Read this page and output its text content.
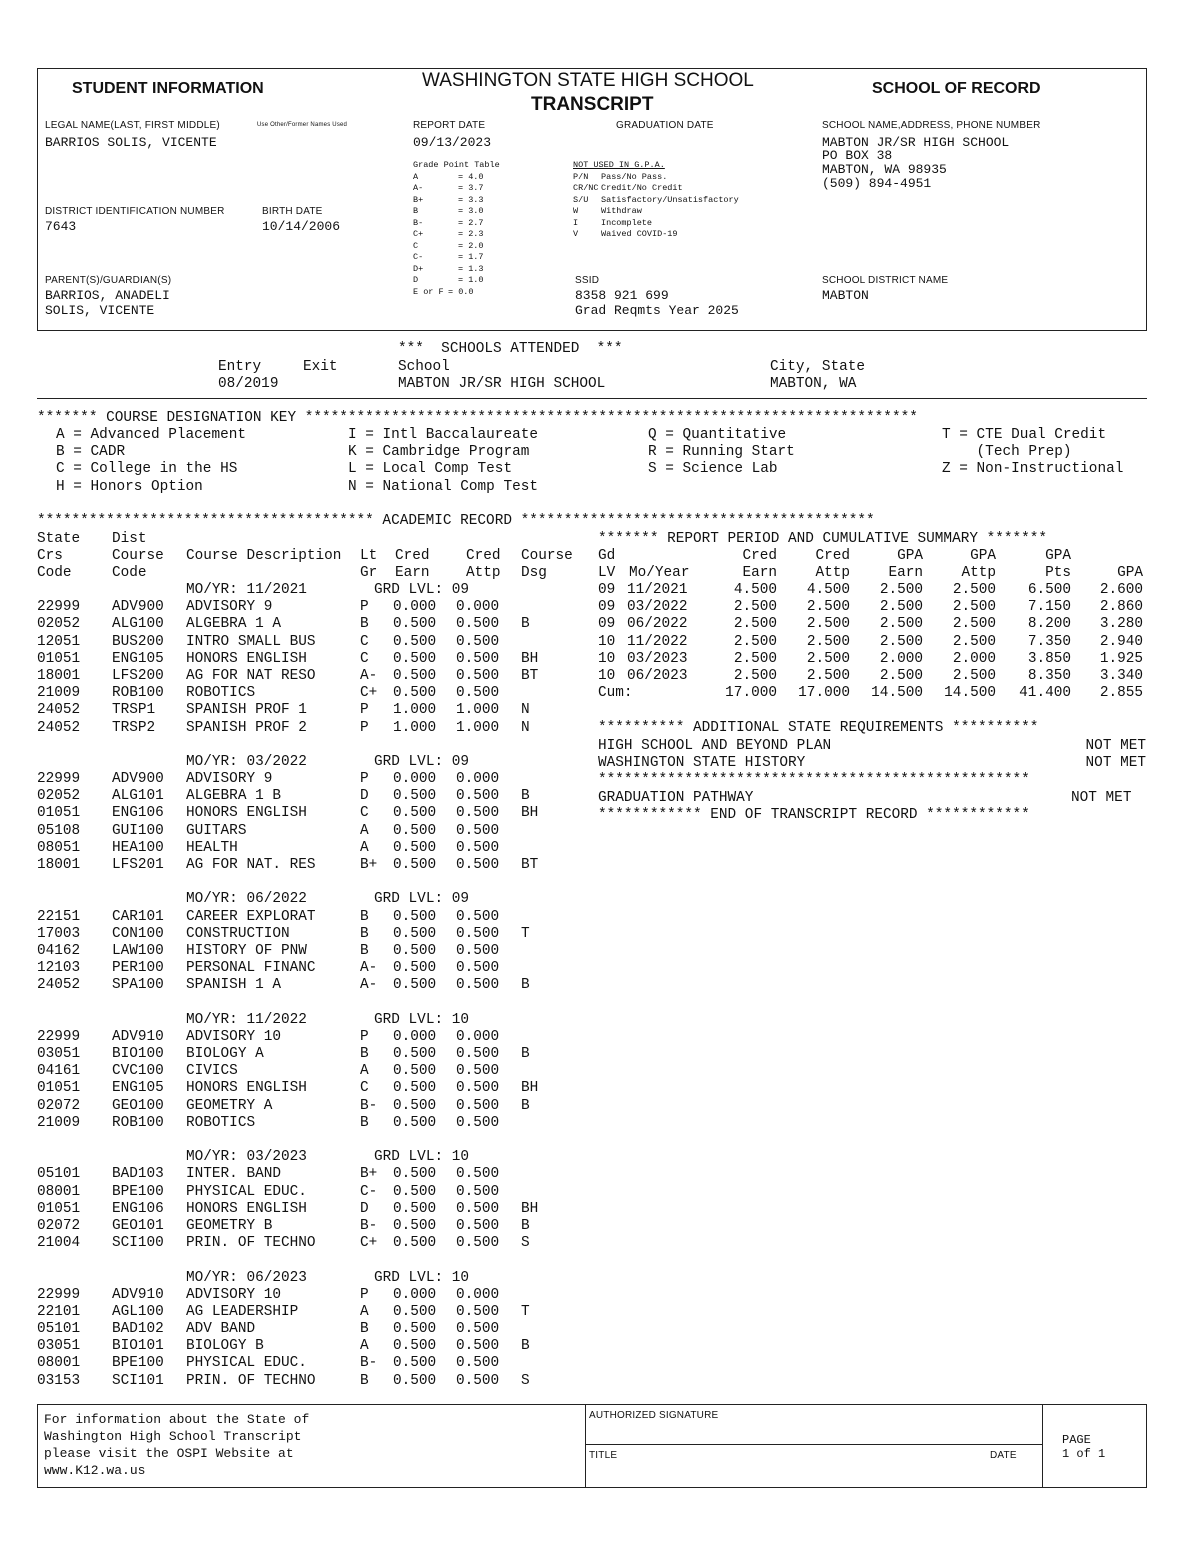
STUDENT INFORMATION	WASHINGTON STATE HIGH SCHOOL
TRANSCRIPT
SCHOOL OF RECORD
LEGAL NAME(LAST, FIRST MIDDLE)	Use Other/Former Names Used
BARRIOS SOLIS, VICENTE
REPORT DATE
09/13/2023
GRADUATION DATE	SCHOOL NAME,ADDRESS, PHONE NUMBER
MABTON JR/SR HIGH SCHOOL
PO BOX 38
MABTON, WA 98935
(509) 894-4951
Grade Point Table
A	= 4.0
A-	= 3.7
B+	= 3.3
B	= 3.0
B-	= 2.7
C+	= 2.3
C	= 2.0
C-	= 1.7
D+	= 1.3
D	= 1.0
E or F = 0.0
NOT USED IN G.P.A.
P/N Pass/No Pass.
CR/NC Credit/No Credit
S/U Satisfactory/Unsatisfactory
W	Withdraw
I	Incomplete
V	Waived COVID-19
DISTRICT IDENTIFICATION NUMBER
7643
BIRTH DATE
10/14/2006
PARENT(S)/GUARDIAN(S)
BARRIOS, ANADELI
SOLIS, VICENTE
SSID
8358 921 699
Grad Reqmts Year 2025
SCHOOL DISTRICT NAME
MABTON
***  SCHOOLS ATTENDED  ***
Entry	Exit	School	City, State
08/2019	MABTON JR/SR HIGH SCHOOL	MABTON, WA
******* COURSE DESIGNATION KEY ***********************************************************************
A = Advanced Placement	I = Intl Baccalaureate	Q = Quantitative	T = CTE Dual Credit
B = CADR	K = Cambridge Program	R = Running Start	(Tech Prep)
C = College in the HS	L = Local Comp Test	S = Science Lab	Z = Non-Instructional
H = Honors Option	N = National Comp Test
*************************************** ACADEMIC RECORD *****************************************
State Dist
Crs	Course Course Description Lt Cred	Cred Course
Code	Code	Gr Earn	Attp Dsg
MO/YR: 11/2021	GRD LVL: 09
22999 ADV900 ADVISORY 9	P 0.000 0.000
02052 ALG100 ALGEBRA 1 A	B 0.500 0.500 B
12051 BUS200 INTRO SMALL BUS	C 0.500 0.500
01051 ENG105 HONORS ENGLISH	C 0.500 0.500 BH
18001 LFS200 AG FOR NAT RESO	A- 0.500 0.500 BT
21009 ROB100 ROBOTICS	C+ 0.500 0.500
24052 TRSP1 SPANISH PROF 1	P 1.000 1.000 N
24052 TRSP2 SPANISH PROF 2	P 1.000 1.000 N
MO/YR: 03/2022	GRD LVL: 09
22999 ADV900 ADVISORY 9	P 0.000 0.000
02052 ALG101 ALGEBRA 1 B	D 0.500 0.500 B
01051 ENG106 HONORS ENGLISH	C 0.500 0.500 BH
05108 GUI100 GUITARS	A 0.500 0.500
08051 HEA100 HEALTH	A 0.500 0.500
18001 LFS201 AG FOR NAT. RES	B+ 0.500 0.500 BT
MO/YR: 06/2022	GRD LVL: 09
22151 CAR101 CAREER EXPLORAT	B 0.500 0.500
17003 CON100 CONSTRUCTION	B 0.500 0.500 T
04162 LAW100 HISTORY OF PNW	B 0.500 0.500
12103 PER100 PERSONAL FINANC	A- 0.500 0.500
24052 SPA100 SPANISH 1 A	A- 0.500 0.500 B
MO/YR: 11/2022	GRD LVL: 10
22999 ADV910 ADVISORY 10	P 0.000 0.000
03051 BIO100 BIOLOGY A	B 0.500 0.500 B
04161 CVC100 CIVICS	A 0.500 0.500
01051 ENG105 HONORS ENGLISH	C 0.500 0.500 BH
02072 GEO100 GEOMETRY A	B- 0.500 0.500 B
21009 ROB100 ROBOTICS	B 0.500 0.500
MO/YR: 03/2023	GRD LVL: 10
05101 BAD103 INTER. BAND	B+ 0.500 0.500
08001 BPE100 PHYSICAL EDUC.	C- 0.500 0.500
01051 ENG106 HONORS ENGLISH	D 0.500 0.500 BH
02072 GEO101 GEOMETRY B	B- 0.500 0.500 B
21004 SCI100 PRIN. OF TECHNO	C+ 0.500 0.500 S
MO/YR: 06/2023	GRD LVL: 10
22999 ADV910 ADVISORY 10	P 0.000 0.000
22101 AGL100 AG LEADERSHIP	A 0.500 0.500 T
05101 BAD102 ADV BAND	B 0.500 0.500
03051 BIO101 BIOLOGY B	A 0.500 0.500 B
08001 BPE100 PHYSICAL EDUC.	B- 0.500 0.500
03153 SCI101 PRIN. OF TECHNO	B 0.500 0.500 S
******* REPORT PERIOD AND CUMULATIVE SUMMARY *******
Gd	Cred	Cred	GPA	GPA	GPA
LV Mo/Year	Earn	Attp	Earn	Attp	Pts	GPA
09 11/2021	4.500 4.500 2.500 2.500 6.500 2.600
09 03/2022	2.500 2.500 2.500 2.500 7.150 2.860
09 06/2022	2.500 2.500 2.500 2.500 8.200 3.280
10 11/2022	2.500 2.500 2.500 2.500 7.350 2.940
10 03/2023	2.500 2.500 2.000 2.000 3.850 1.925
10 06/2023	2.500 2.500 2.500 2.500 8.350 3.340
Cum:	17.000 17.000 14.500 14.500 41.400 2.855
********** ADDITIONAL STATE REQUIREMENTS **********
HIGH SCHOOL AND BEYOND PLAN	NOT MET
WASHINGTON STATE HISTORY	NOT MET
**************************************************
GRADUATION PATHWAY	NOT MET
************ END OF TRANSCRIPT RECORD ************
For information about the State of
Washington High School Transcript
please visit the OSPI Website at
www.K12.wa.us
AUTHORIZED SIGNATURE
TITLE	DATE
PAGE
1 of 1
